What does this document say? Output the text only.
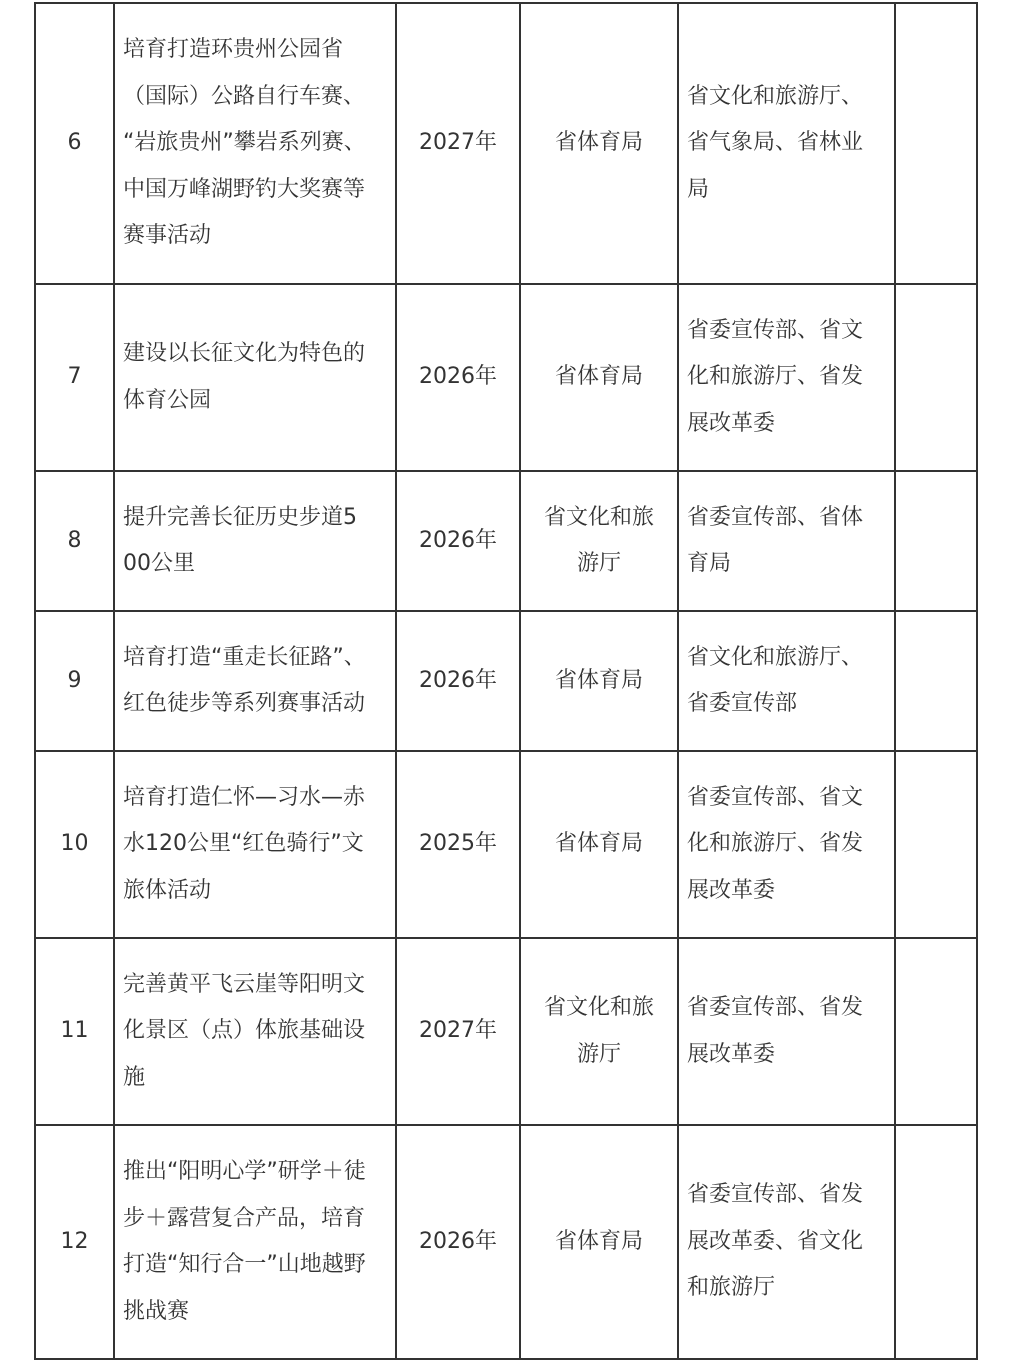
6	培育打造环贵州公园省
（国际）公路自行车赛、
“岩旅贵州”攀岩系列赛、
中国万峰湖野钓大奖赛等
赛事活动	2027年	省体育局	省文化和旅游厅、
省气象局、省林业
局	

7	建设以长征文化为特色的
体育公园	2026年	省体育局	省委宣传部、省文
化和旅游厅、省发
展改革委	

8	提升完善长征历史步道5
00公里	2026年	省文化和旅
游厅	省委宣传部、省体
育局	

9	培育打造“重走长征路”、
红色徒步等系列赛事活动	2026年	省体育局	省文化和旅游厅、
省委宣传部	

10	培育打造仁怀—习水—赤
水120公里“红色骑行”文
旅体活动	2025年	省体育局	省委宣传部、省文
化和旅游厅、省发
展改革委	

11	完善黄平飞云崖等阳明文
化景区（点）体旅基础设
施	2027年	省文化和旅
游厅	省委宣传部、省发
展改革委	

12	推出“阳明心学”研学＋徒
步＋露营复合产品，培育
打造“知行合一”山地越野
挑战赛	2026年	省体育局	省委宣传部、省发
展改革委、省文化
和旅游厅	
